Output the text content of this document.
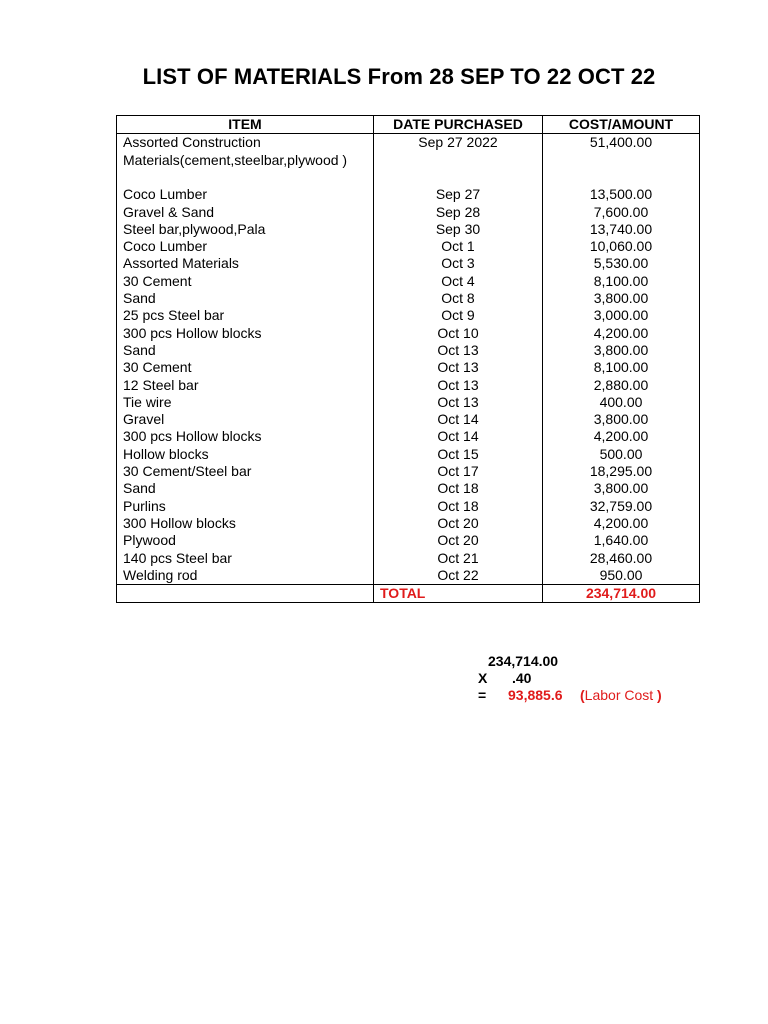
LIST OF MATERIALS From 28 SEP TO 22 OCT 22
ITEM	DATE PURCHASED	COST/AMOUNT
Assorted Construction Materials(cement,steelbar,plywood )	Sep 27 2022	51,400.00
Coco Lumber	Sep 27	13,500.00
Gravel & Sand	Sep 28	7,600.00
Steel bar,plywood,Pala	Sep 30	13,740.00
Coco Lumber	Oct 1	10,060.00
Assorted Materials	Oct 3	5,530.00
30 Cement	Oct 4	8,100.00
Sand	Oct 8	3,800.00
25 pcs Steel bar	Oct 9	3,000.00
300 pcs Hollow blocks	Oct 10	4,200.00
Sand	Oct 13	3,800.00
30 Cement	Oct 13	8,100.00
12 Steel bar	Oct 13	2,880.00
Tie wire	Oct 13	400.00
Gravel	Oct 14	3,800.00
300 pcs Hollow blocks	Oct 14	4,200.00
Hollow blocks	Oct 15	500.00
30 Cement/Steel bar	Oct 17	18,295.00
Sand	Oct 18	3,800.00
Purlins	Oct 18	32,759.00
300 Hollow blocks	Oct 20	4,200.00
Plywood	Oct 20	1,640.00
140 pcs Steel bar	Oct 21	28,460.00
Welding rod	Oct 22	950.00
	TOTAL	234,714.00
234,714.00
X .40
= 93,885.6 (Labor Cost )
